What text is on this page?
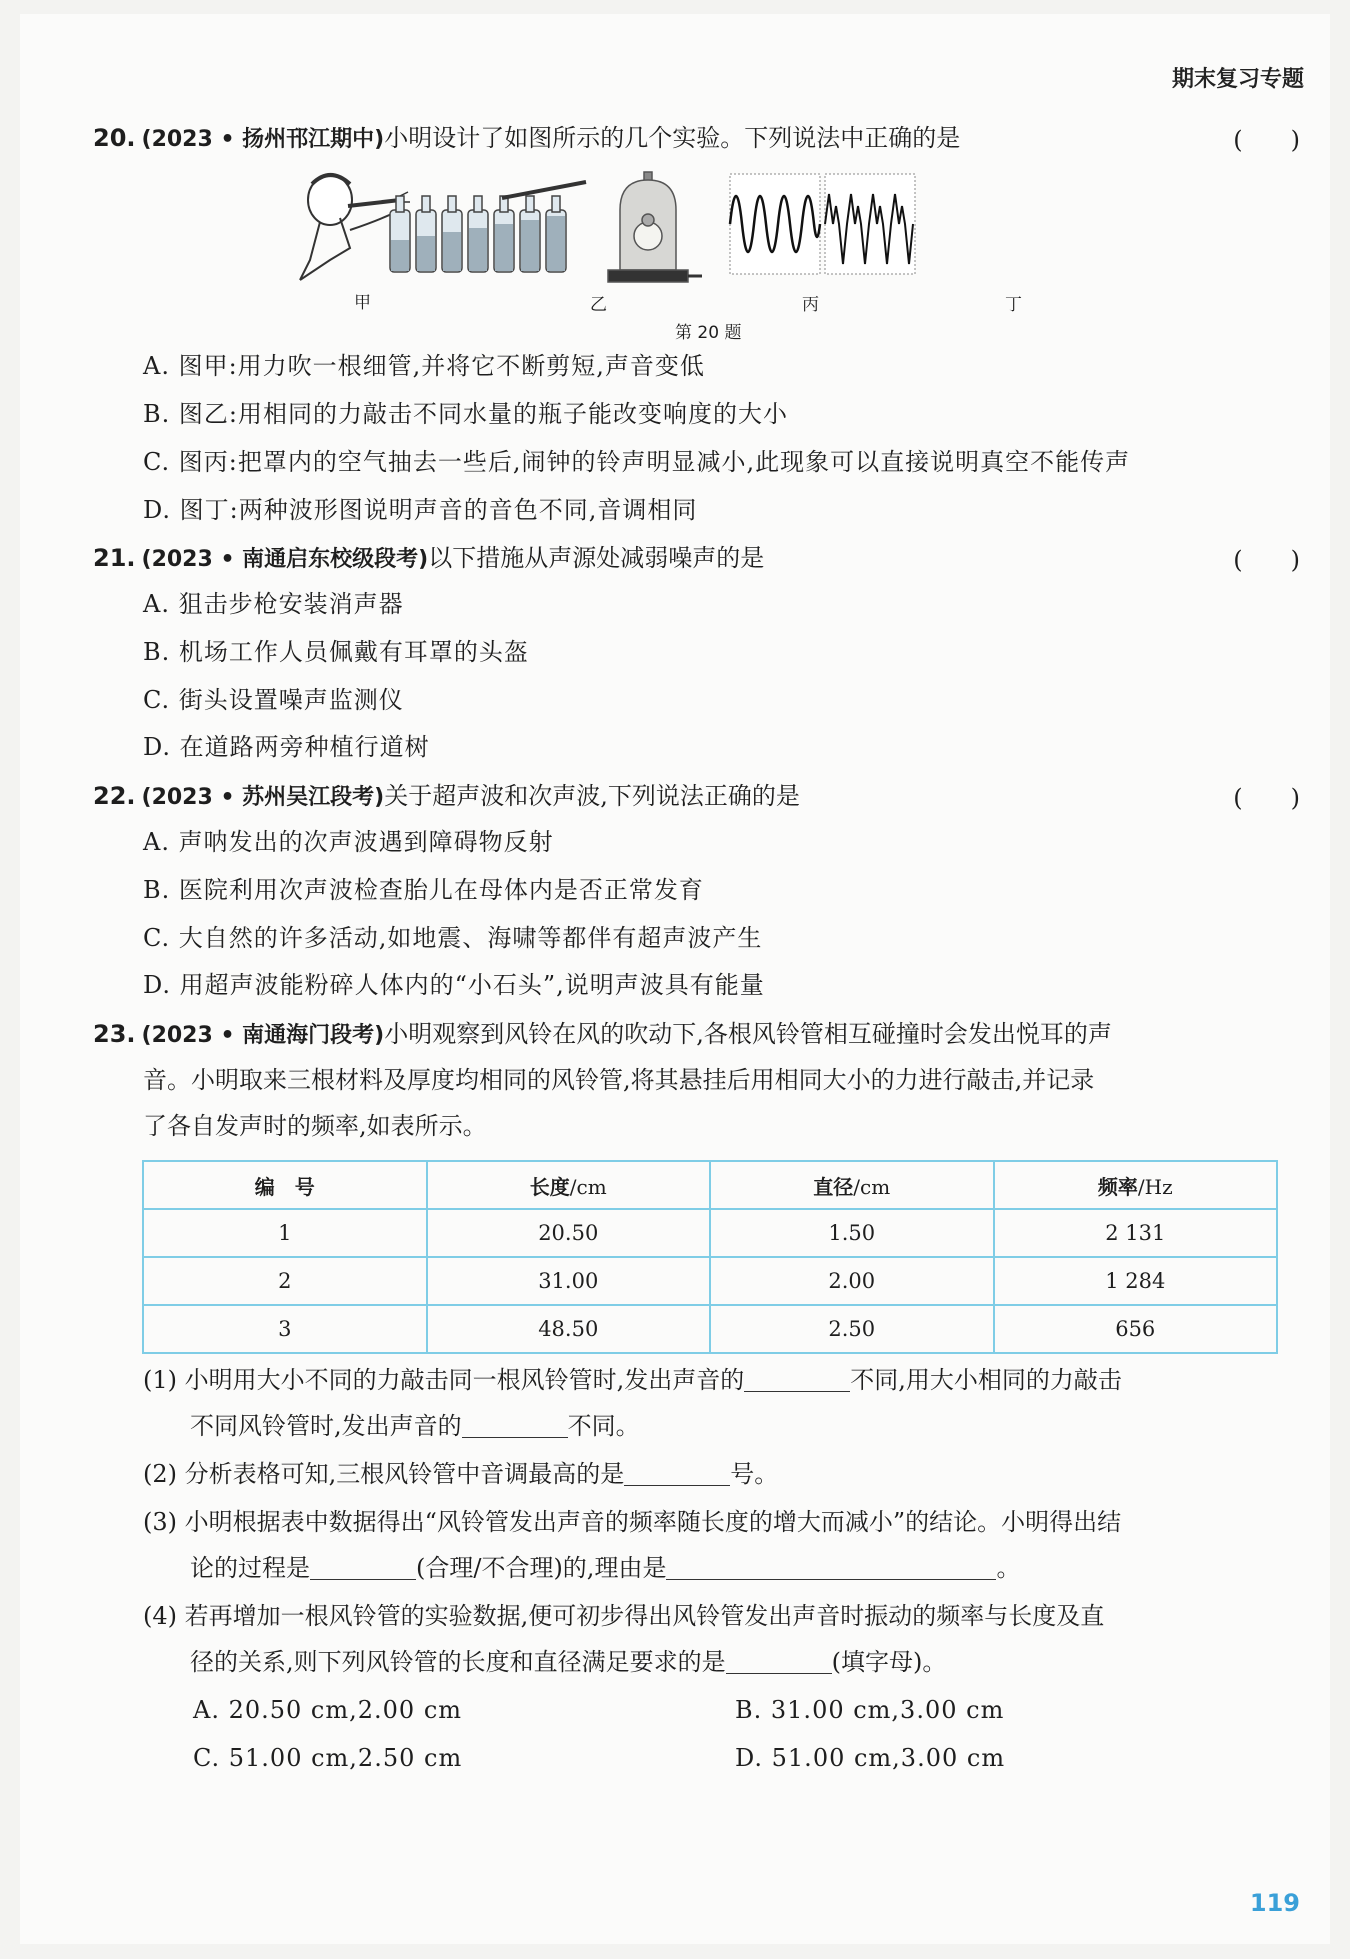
期末复习专题
20. (2023 • 扬州邗江期中)小明设计了如图所示的几个实验。下列说法中正确的是	(　　)
甲	乙	丙	丁
第 20 题
A. 图甲:用力吹一根细管,并将它不断剪短,声音变低
B. 图乙:用相同的力敲击不同水量的瓶子能改变响度的大小
C. 图丙:把罩内的空气抽去一些后,闹钟的铃声明显减小,此现象可以直接说明真空不能传声
D. 图丁:两种波形图说明声音的音色不同,音调相同
21. (2023 • 南通启东校级段考)以下措施从声源处减弱噪声的是	(　　)
A. 狙击步枪安装消声器
B. 机场工作人员佩戴有耳罩的头盔
C. 街头设置噪声监测仪
D. 在道路两旁种植行道树
22. (2023 • 苏州吴江段考)关于超声波和次声波,下列说法正确的是	(　　)
A. 声呐发出的次声波遇到障碍物反射
B. 医院利用次声波检查胎儿在母体内是否正常发育
C. 大自然的许多活动,如地震、海啸等都伴有超声波产生
D. 用超声波能粉碎人体内的“小石头”,说明声波具有能量
23. (2023 • 南通海门段考)小明观察到风铃在风的吹动下,各根风铃管相互碰撞时会发出悦耳的声
音。小明取来三根材料及厚度均相同的风铃管,将其悬挂后用相同大小的力进行敲击,并记录
了各自发声时的频率,如表所示。
编　号	长度/cm	直径/cm	频率/Hz
1	20.50	1.50	2 131
2	31.00	2.00	1 284
3	48.50	2.50	656
(1) 小明用大小不同的力敲击同一根风铃管时,发出声音的	不同,用大小相同的力敲击
不同风铃管时,发出声音的	不同。
(2) 分析表格可知,三根风铃管中音调最高的是	号。
(3) 小明根据表中数据得出“风铃管发出声音的频率随长度的增大而减小”的结论。小明得出结
论的过程是	(合理/不合理)的,理由是	。
(4) 若再增加一根风铃管的实验数据,便可初步得出风铃管发出声音时振动的频率与长度及直
径的关系,则下列风铃管的长度和直径满足要求的是	(填字母)。
A. 20.50 cm,2.00 cm	B. 31.00 cm,3.00 cm
C. 51.00 cm,2.50 cm	D. 51.00 cm,3.00 cm
119
